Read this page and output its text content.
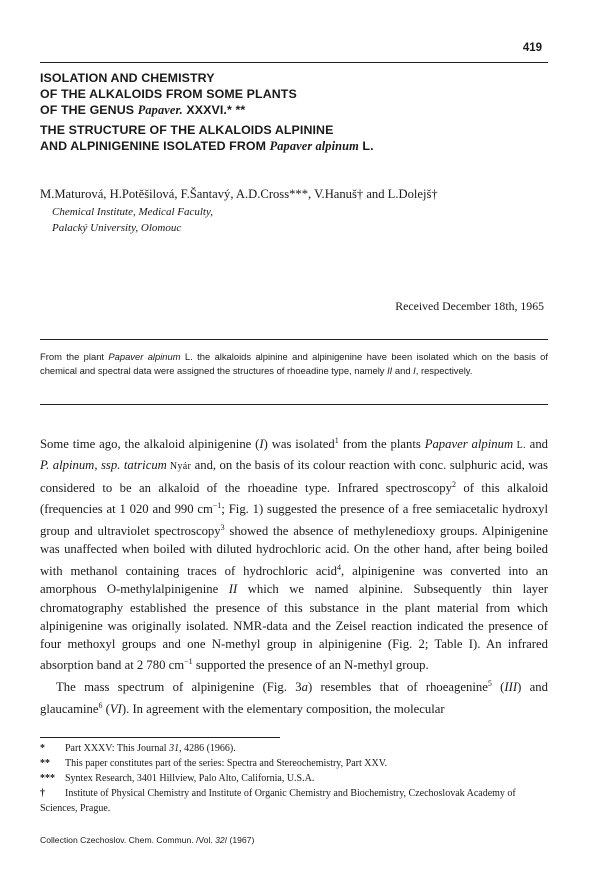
419
ISOLATION AND CHEMISTRY
OF THE ALKALOIDS FROM SOME PLANTS
OF THE GENUS Papaver. XXXVI.* **
THE STRUCTURE OF THE ALKALOIDS ALPININE
AND ALPINIGENINE ISOLATED FROM Papaver alpinum L.
M.Maturová, H.Potěšilová, F.Šantavý, A.D.Cross***, V.Hanuš† and L.Dolejš†
Chemical Institute, Medical Faculty,
Palacký University, Olomouc
Received December 18th, 1965
From the plant Papaver alpinum L. the alkaloids alpinine and alpinigenine have been isolated which on the basis of chemical and spectral data were assigned the structures of rhoeadine type, namely II and I, respectively.

Some time ago, the alkaloid alpinigenine (I) was isolated$^1$ from the plants Papaver alpinum L. and P. alpinum, ssp. tatricum Nyár and, on the basis of its colour reaction with conc. sulphuric acid, was considered to be an alkaloid of the rhoeadine type. Infrared spectroscopy$^2$ of this alkaloid (frequencies at 1 020 and 990 $cm^{-1}$; Fig. 1) suggested the presence of a free semiacetalic hydroxyl group and ultraviolet spectroscopy$^3$ showed the absence of methylenedioxy groups. Alpinigenine was unaffected when boiled with diluted hydrochloric acid. On the other hand, after being boiled with methanol containing traces of hydrochloric acid$^4$, alpinigenine was converted into an amorphous O-methylalpinigenine II which we named alpinine. Subsequently thin layer chromatography established the presence of this substance in the plant material from which alpinigenine was originally isolated. NMR-data and the Zeisel reaction indicated the presence of four methoxyl groups and one N-methyl group in alpinigenine (Fig. 2; Table I). An infrared absorption band at 2 780 $cm^{-1}$ supported the presence of an N-methyl group.

The mass spectrum of alpinigenine (Fig. 3a) resembles that of rhoeagenine$^5$ (III) and glaucamine$^6$ (VI). In agreement with the elementary composition, the molecular

* Part XXXV: This Journal 31, 4286 (1966).
** This paper constitutes part of the series: Spectra and Stereochemistry, Part XXV.
*** Syntex Research, 3401 Hillview, Palo Alto, California, U.S.A.
† Institute of Physical Chemistry and Institute of Organic Chemistry and Biochemistry, Czechoslovak Academy of Sciences, Prague.
Collection Czechoslov. Chem. Commun. /Vol. 32/ (1967)
